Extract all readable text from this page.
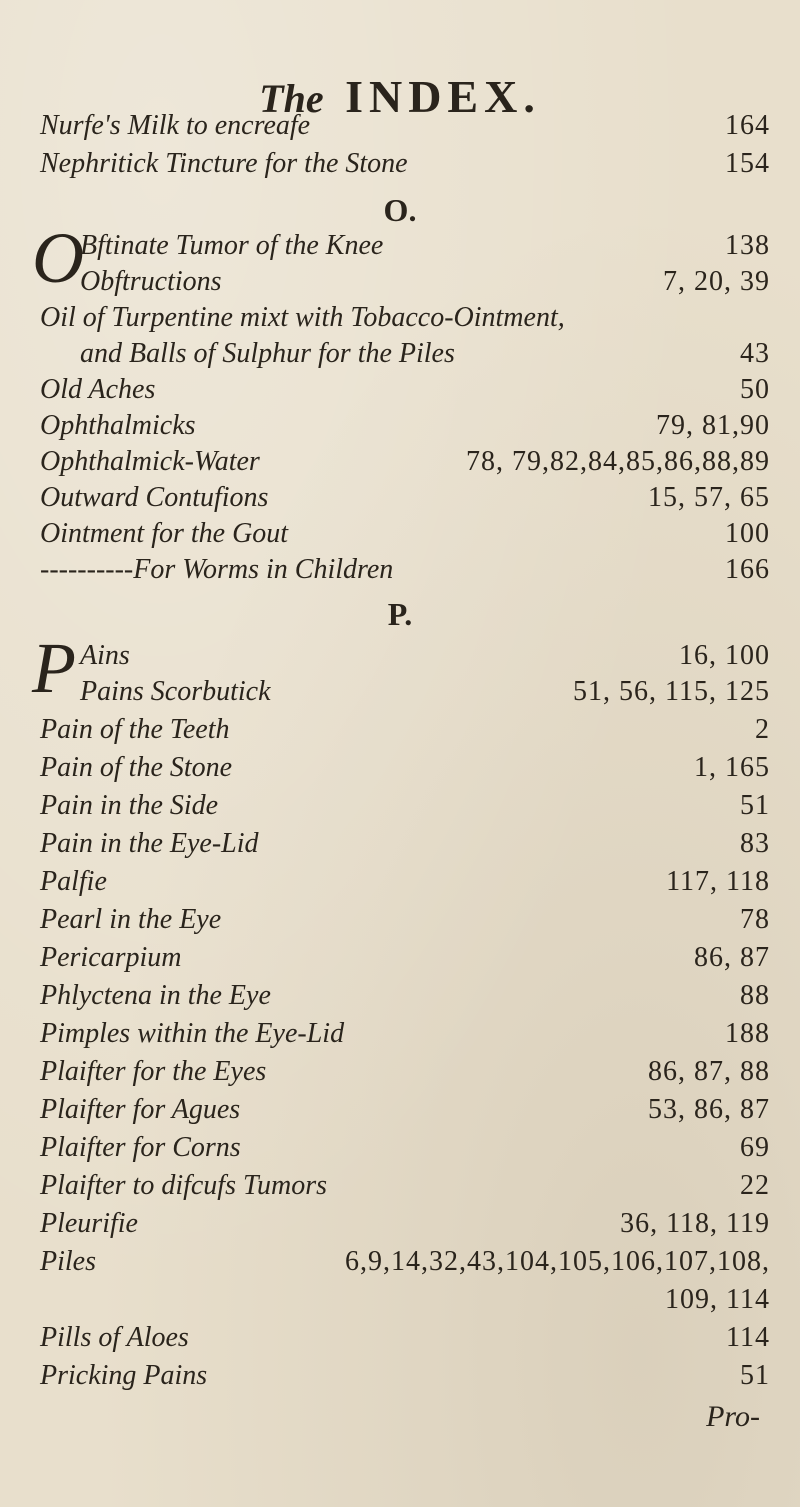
The INDEX.
Nurfe's Milk to encreafe	164
Nephritick Tincture for the Stone	154
O.
O
Bftinate Tumor of the Knee	138
Obftructions	7, 20, 39
Oil of Turpentine mixt with Tobacco-Ointment,
and Balls of Sulphur for the Piles	43
Old Aches	50
Ophthalmicks	79, 81,90
Ophthalmick-Water	78, 79,82,84,85,86,88,89
Outward Contufions	15, 57, 65
Ointment for the Gout	100
----------For Worms in Children	166
P.
P Ains	16, 100
Pains Scorbutick	51, 56, 115, 125
Pain of the Teeth	2
Pain of the Stone	1, 165
Pain in the Side	51
Pain in the Eye-Lid	83
Palfie	117, 118
Pearl in the Eye	78
Pericarpium	86, 87
Phlyctena in the Eye	88
Pimples within the Eye-Lid	188
Plaifter for the Eyes	86, 87, 88
Plaifter for Agues	53, 86, 87
Plaifter for Corns	69
Plaifter to difcufs Tumors	22
Pleurifie	36, 118, 119
Piles	6,9,14,32,43,104,105,106,107,108,
109, 114
Pills of Aloes	114
Pricking Pains	51
Pro-
